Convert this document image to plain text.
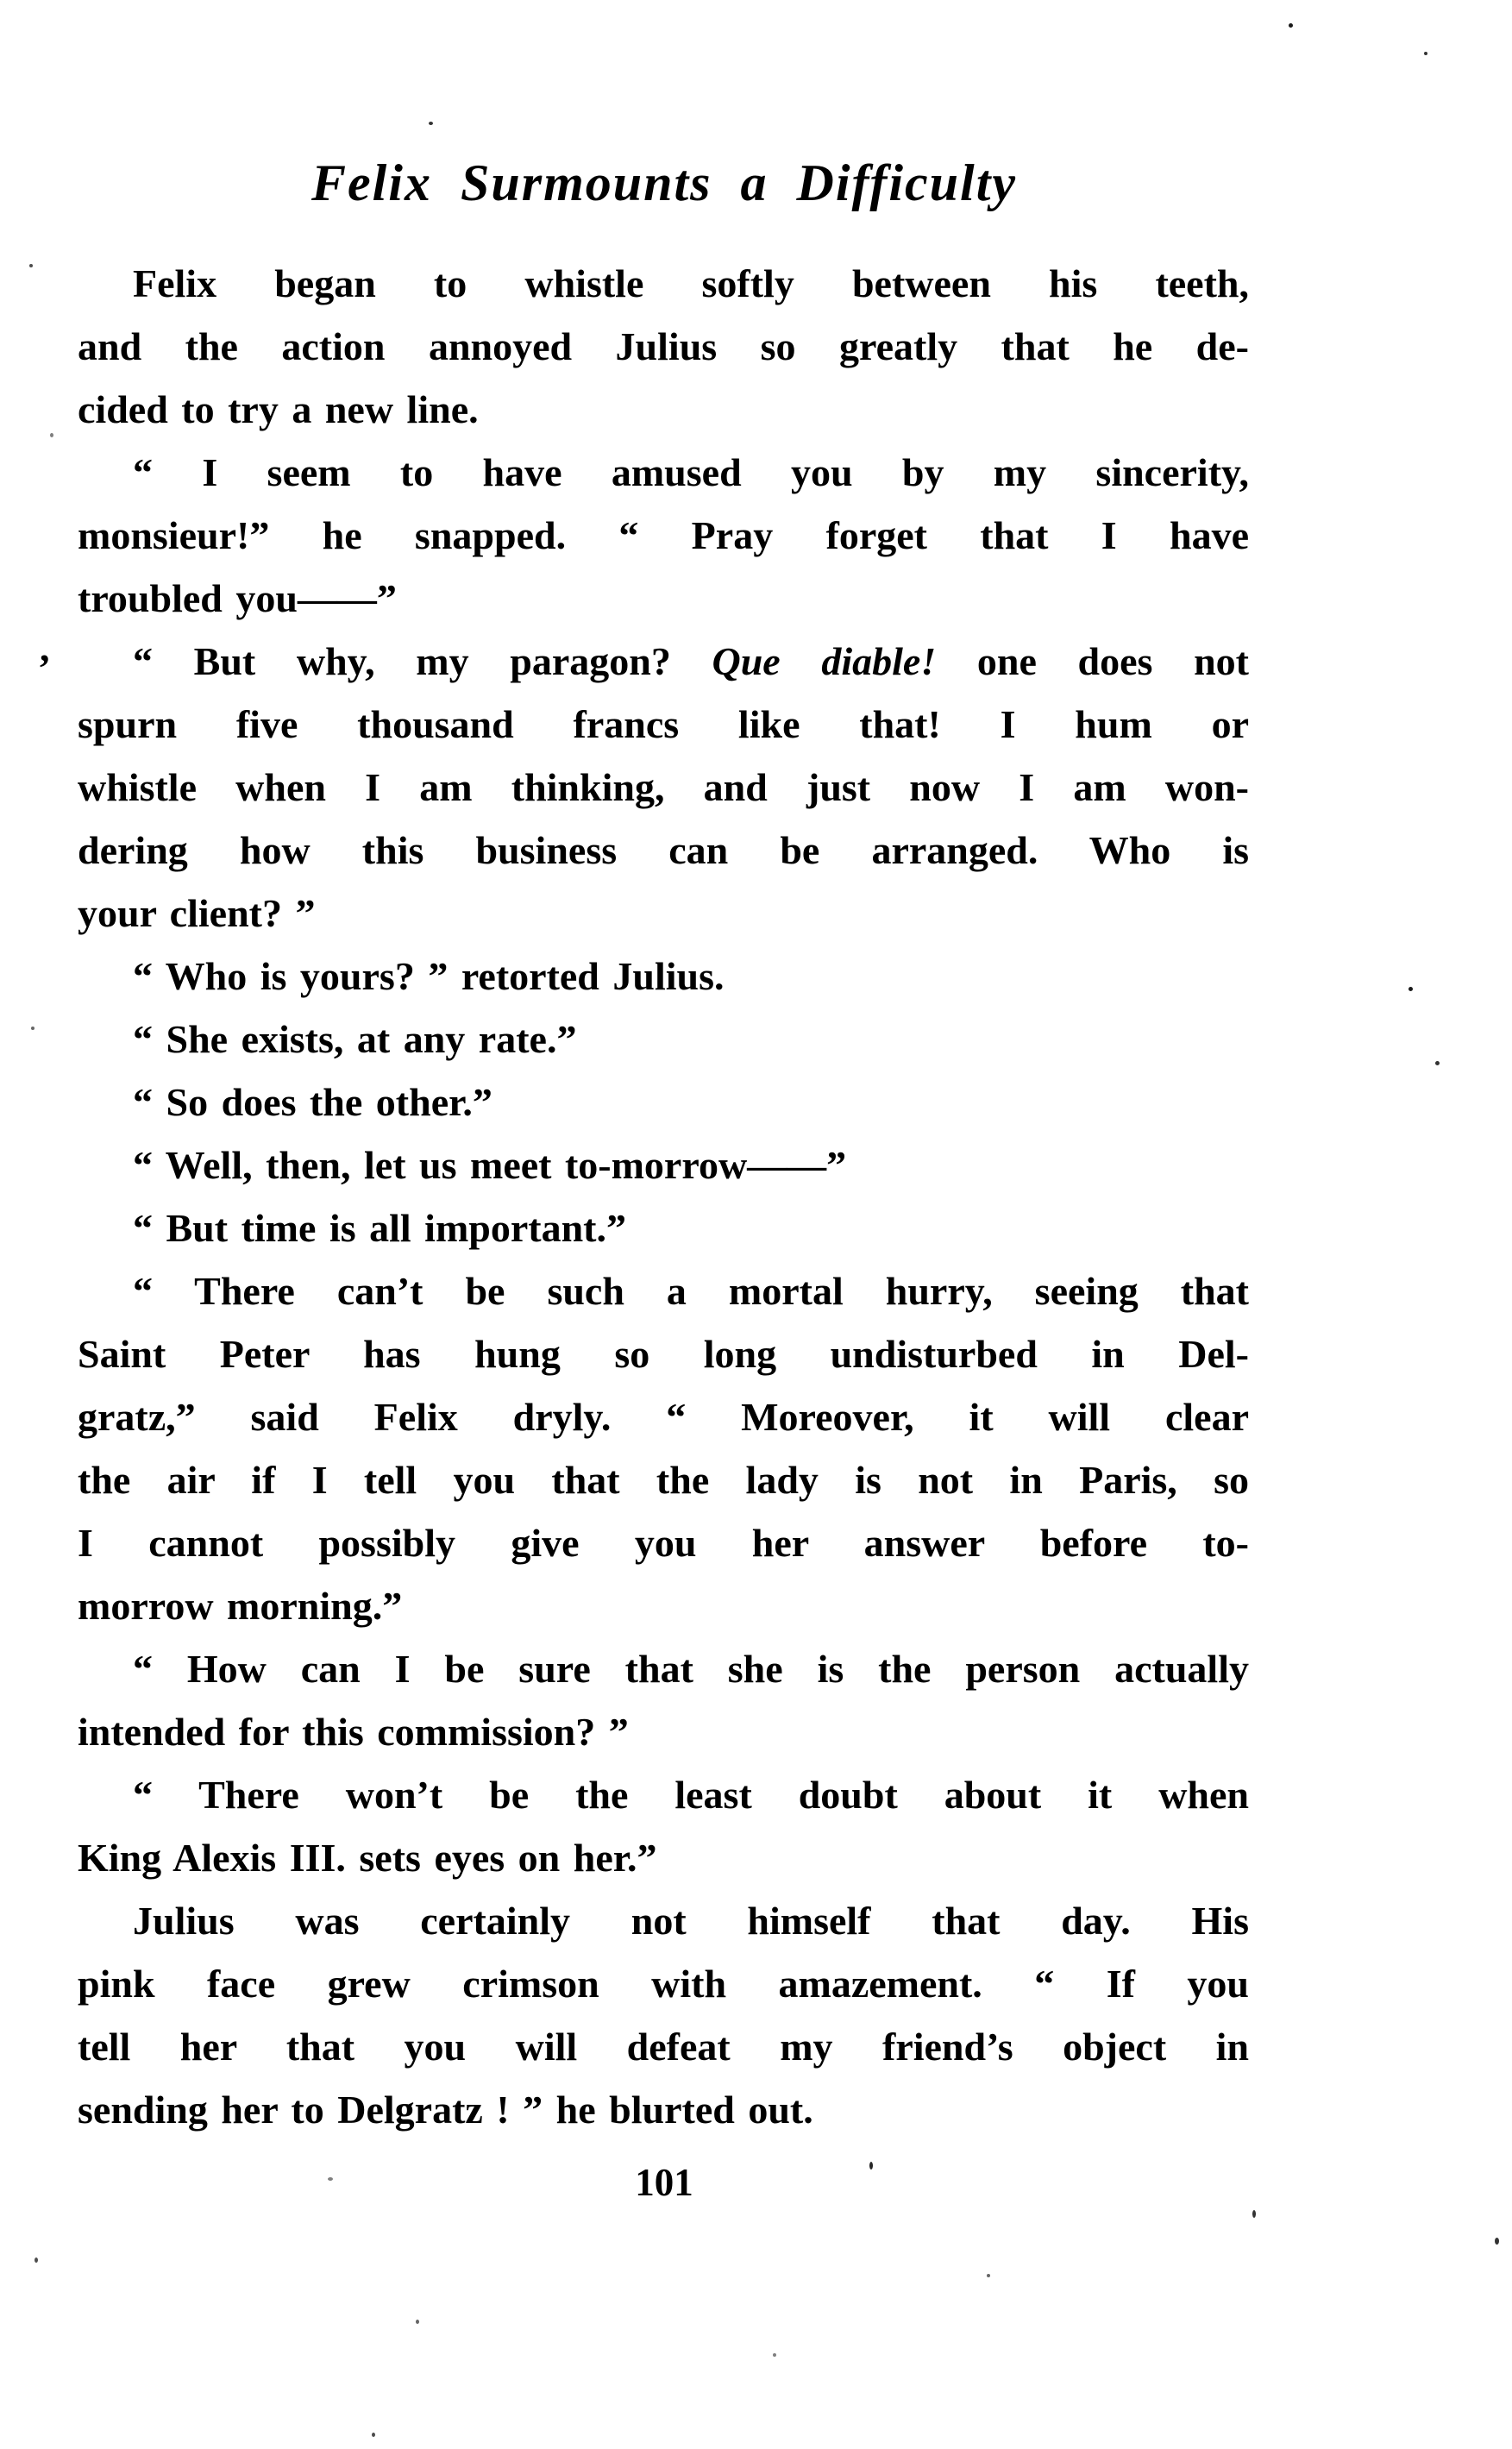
Felix Surmounts a Difficulty
,
Felix began to whistle softly between his teeth,
and the action annoyed Julius so greatly that he de-
cided to try a new line.
“ I seem to have amused you by my sincerity,
monsieur!” he snapped. “ Pray forget that I have
troubled you——”
“ But why, my paragon? Que diable! one does not
spurn five thousand francs like that! I hum or
whistle when I am thinking, and just now I am won-
dering how this business can be arranged. Who is
your client? ”
“ Who is yours? ” retorted Julius.
“ She exists, at any rate.”
“ So does the other.”
“ Well, then, let us meet to-morrow——”
“ But time is all important.”
“ There can’t be such a mortal hurry, seeing that
Saint Peter has hung so long undisturbed in Del-
gratz,” said Felix dryly. “ Moreover, it will clear
the air if I tell you that the lady is not in Paris, so
I cannot possibly give you her answer before to-
morrow morning.”
“ How can I be sure that she is the person actually
intended for this commission? ”
“ There won’t be the least doubt about it when
King Alexis III. sets eyes on her.”
Julius was certainly not himself that day. His
pink face grew crimson with amazement. “ If you
tell her that you will defeat my friend’s object in
sending her to Delgratz ! ” he blurted out.
101
